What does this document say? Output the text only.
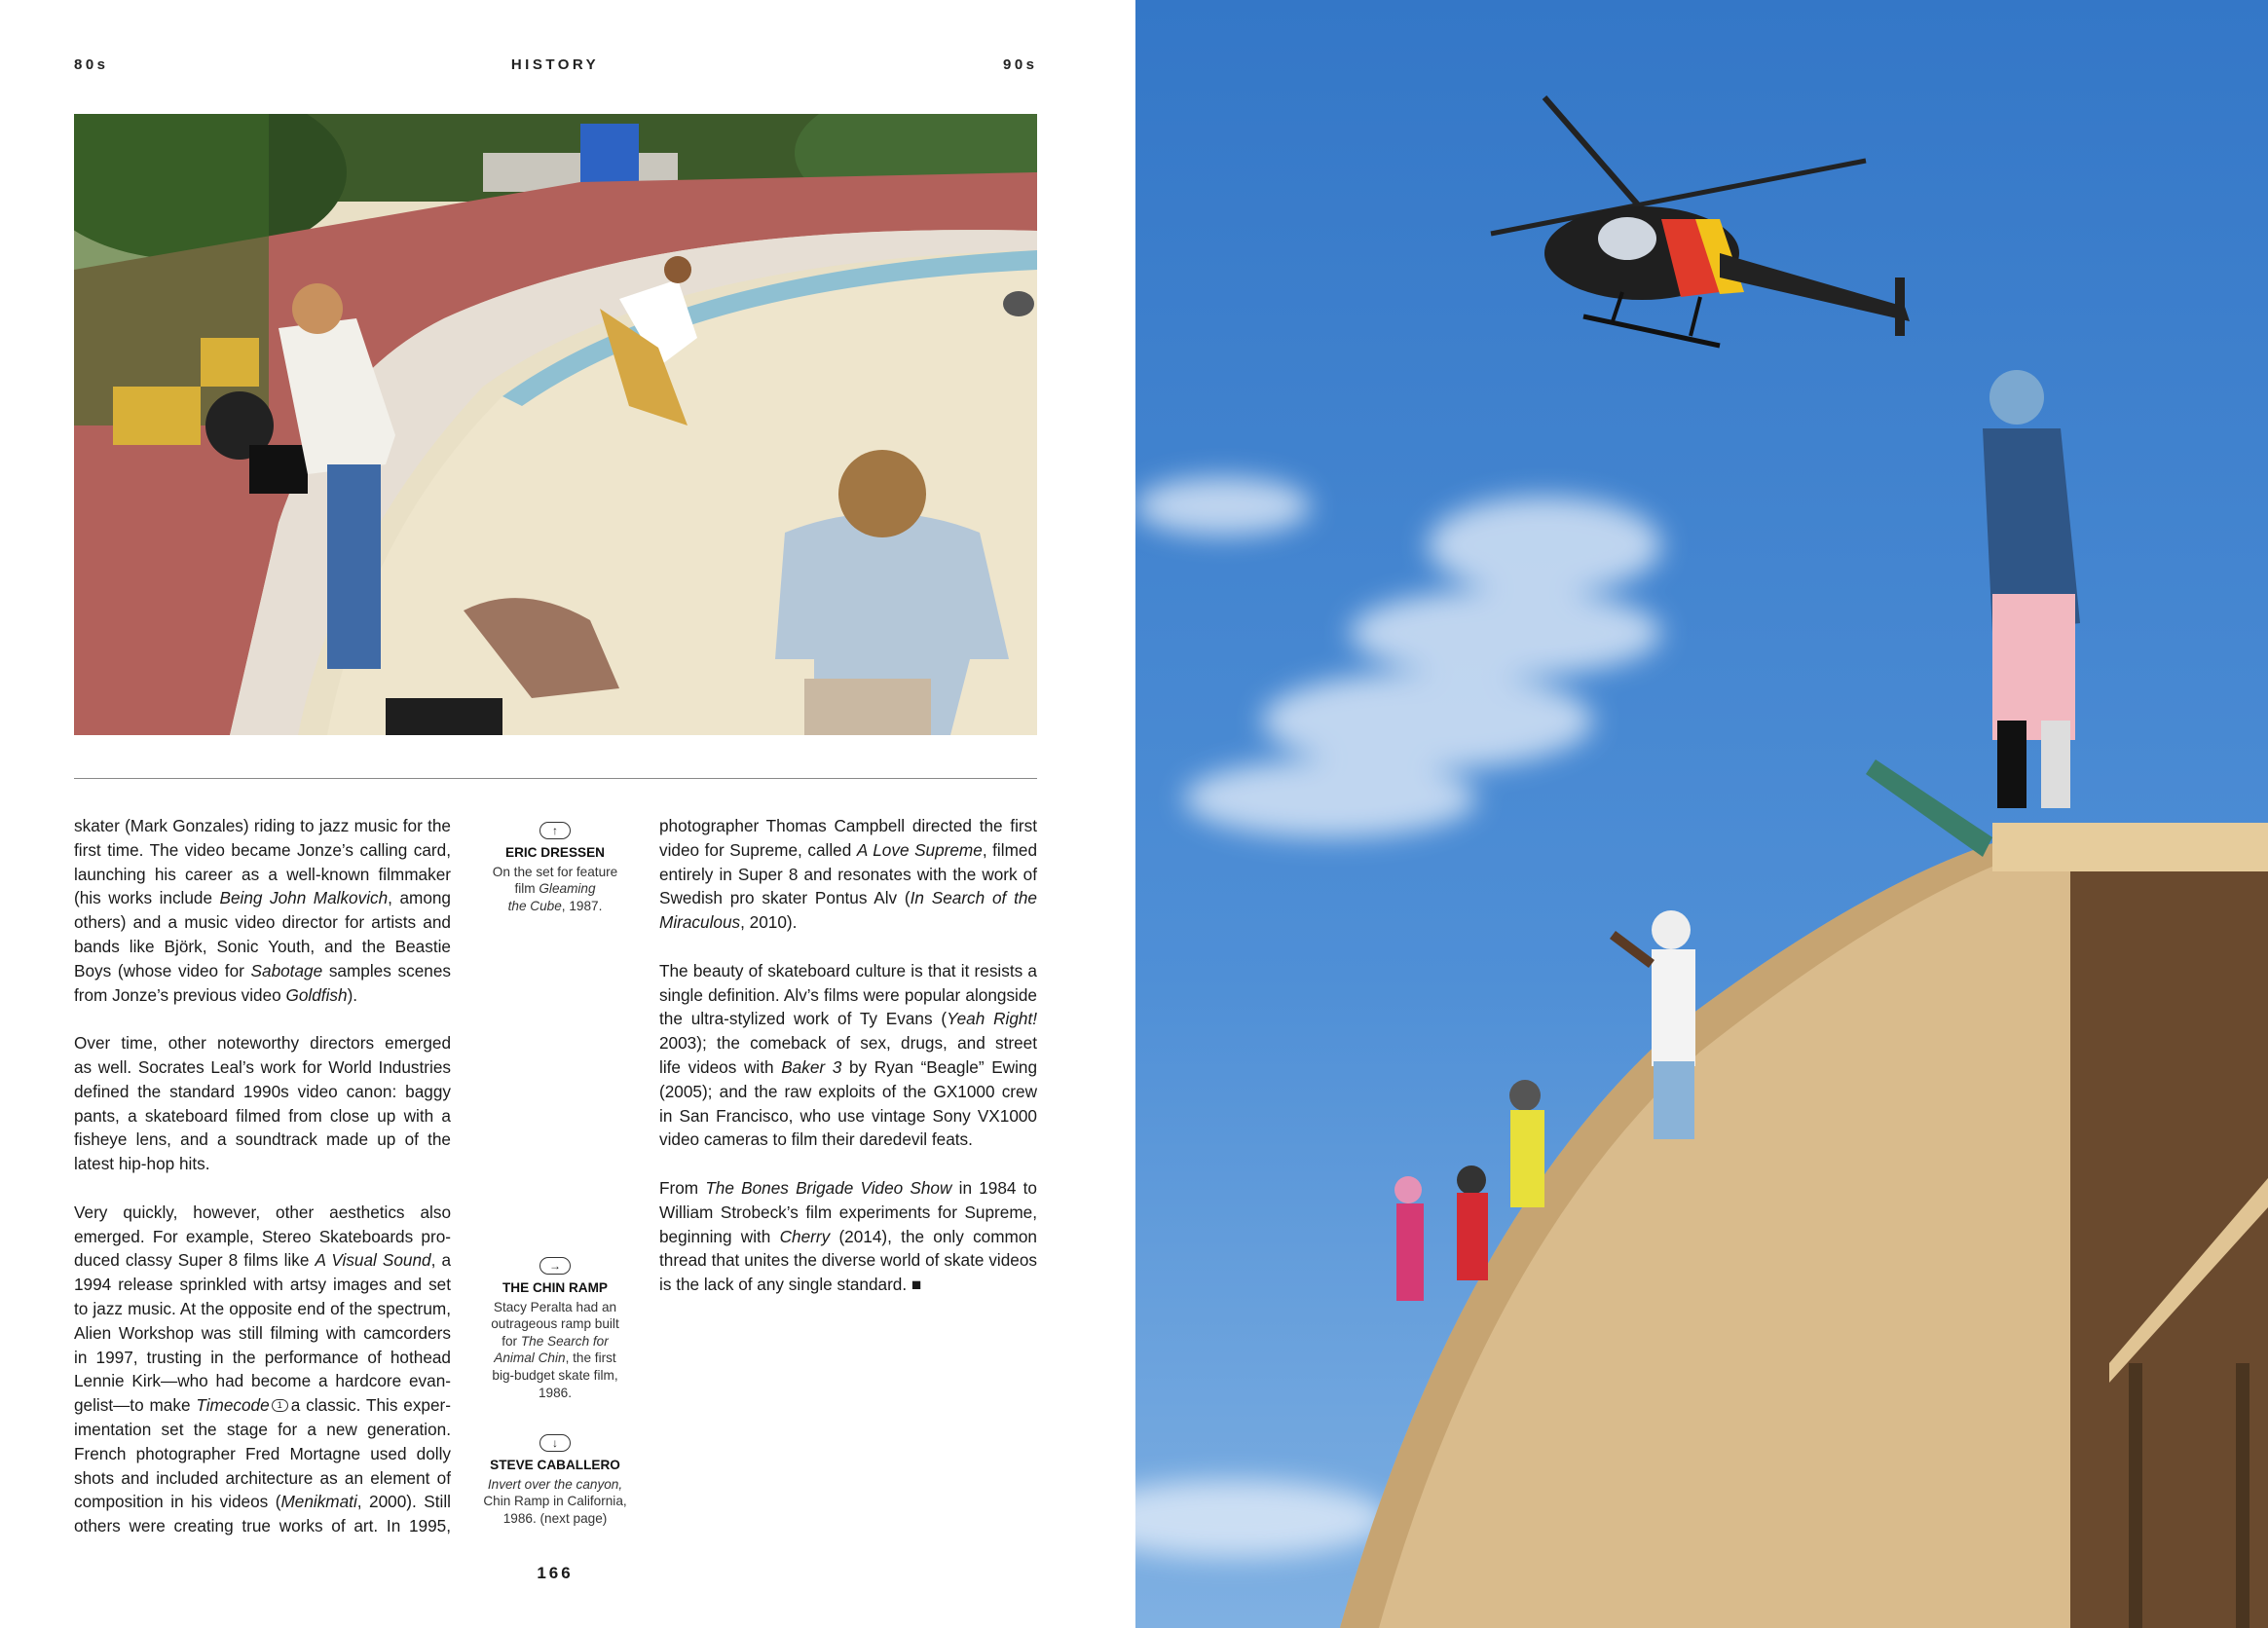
80s	HISTORY	90s
skater (Mark Gonzales) riding to jazz music for the
first time. The video became Jonze’s calling card,
launching his career as a well-known filmmaker
(his works include Being John Malkovich, among
others) and a music video director for artists and
bands like Björk, Sonic Youth, and the Beastie
Boys (whose video for Sabotage samples scenes
from Jonze’s previous video Goldfish).
Over time, other noteworthy directors emerged
as well. Socrates Leal’s work for World Industries
defined the standard 1990s video canon: baggy
pants, a skateboard filmed from close up with a
fisheye lens, and a soundtrack made up of the
latest hip-hop hits.
Very quickly, however, other aesthetics also
emerged. For example, Stereo Skateboards pro-
duced classy Super 8 films like A Visual Sound, a
1994 release sprinkled with artsy images and set
to jazz music. At the opposite end of the spectrum,
Alien Workshop was still filming with camcorders
in 1997, trusting in the performance of hothead
Lennie Kirk—who had become a hardcore evan-
gelist—to make Timecode 1 a classic. This exper-
imentation set the stage for a new generation.
French photographer Fred Mortagne used dolly
shots and included architecture as an element of
composition in his videos (Menikmati, 2000). Still
others were creating true works of art. In 1995,
↑
ERIC DRESSEN
On the set for feature
film Gleaming
the Cube, 1987.
→
THE CHIN RAMP
Stacy Peralta had an
outrageous ramp built
for The Search for
Animal Chin, the first
big-budget skate film,
1986.
↓
STEVE CABALLERO
Invert over the canyon,
Chin Ramp in California,
1986. (next page)
photographer Thomas Campbell directed the first
video for Supreme, called A Love Supreme, filmed
entirely in Super 8 and resonates with the work of
Swedish pro skater Pontus Alv (In Search of the
Miraculous, 2010).
The beauty of skateboard culture is that it resists a
single definition. Alv’s films were popular alongside
the ultra-stylized work of Ty Evans (Yeah Right!
2003); the comeback of sex, drugs, and street
life videos with Baker 3 by Ryan “Beagle” Ewing
(2005); and the raw exploits of the GX1000 crew
in San Francisco, who use vintage Sony VX1000
video cameras to film their daredevil feats.
From The Bones Brigade Video Show in 1984 to
William Strobeck’s film experiments for Supreme,
beginning with Cherry (2014), the only common
thread that unites the diverse world of skate videos
is the lack of any single standard. ■
166
